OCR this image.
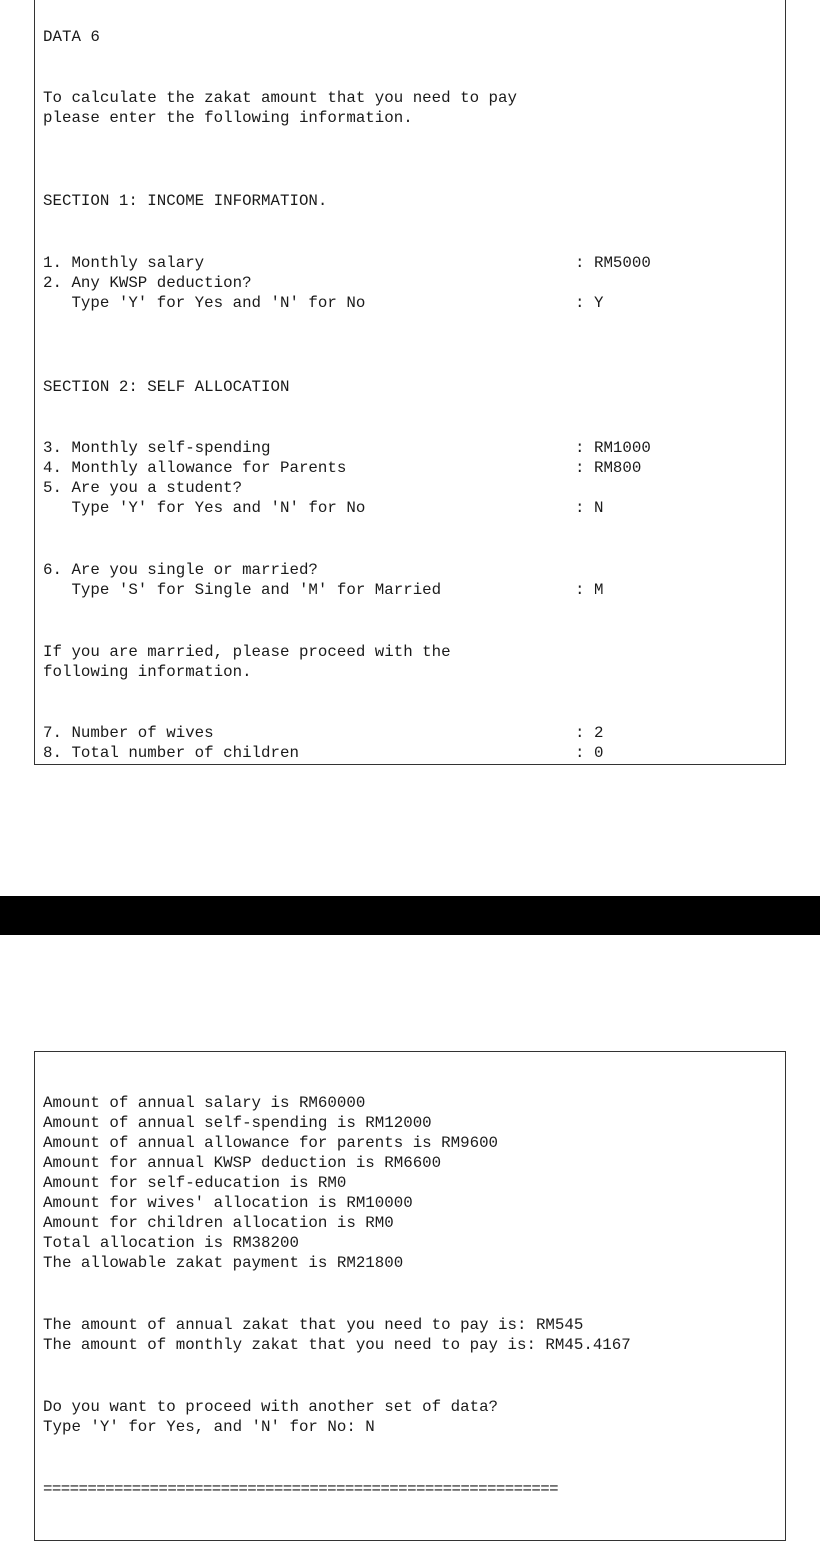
DATA 6
To calculate the zakat amount that you need to pay
please enter the following information.
SECTION 1: INCOME INFORMATION.
1. Monthly salary	: RM5000
2. Any KWSP deduction?
Type 'Y' for Yes and 'N' for No	: Y
SECTION 2: SELF ALLOCATION
3. Monthly self-spending	: RM1000
4. Monthly allowance for Parents	: RM800
5. Are you a student?
Type 'Y' for Yes and 'N' for No	: N
6. Are you single or married?
Type 'S' for Single and 'M' for Married	: M
If you are married, please proceed with the
following information.
7. Number of wives	: 2
8. Total number of children	: 0
Amount of annual salary is RM60000
Amount of annual self-spending is RM12000
Amount of annual allowance for parents is RM9600
Amount for annual KWSP deduction is RM6600
Amount for self-education is RM0
Amount for wives' allocation is RM10000
Amount for children allocation is RM0
Total allocation is RM38200
The allowable zakat payment is RM21800
The amount of annual zakat that you need to pay is: RM545
The amount of monthly zakat that you need to pay is: RM45.4167
Do you want to proceed with another set of data?
Type 'Y' for Yes, and 'N' for No: N
==========================================================
